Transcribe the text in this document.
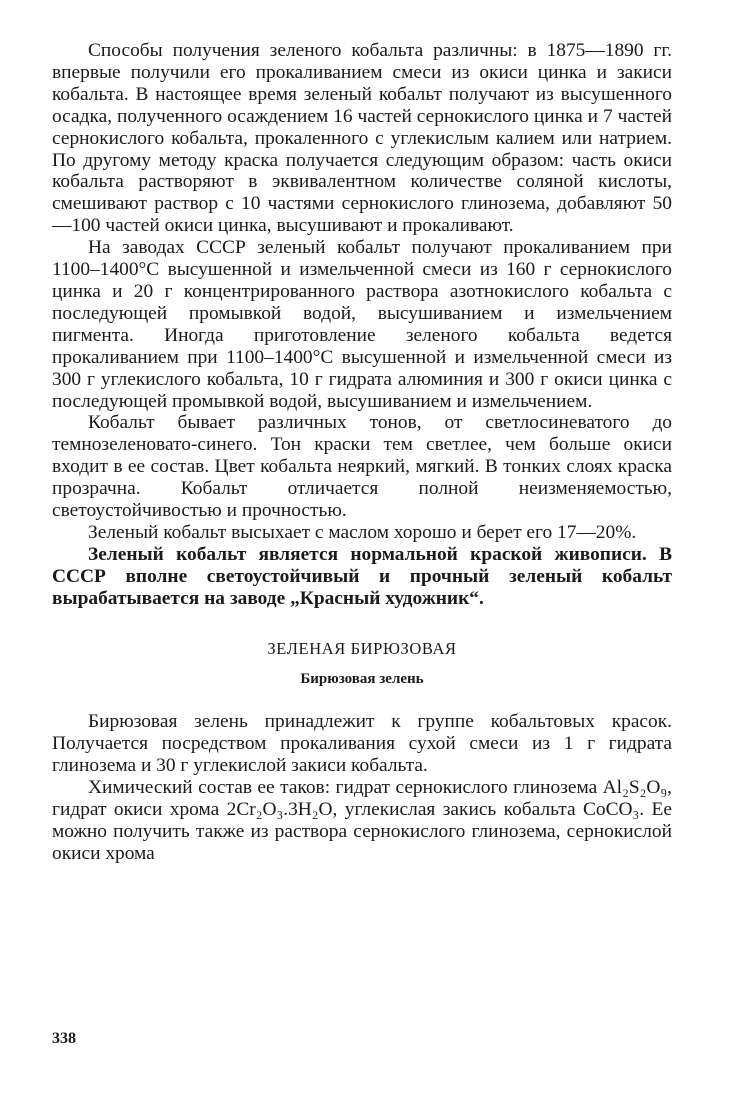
Способы получения зеленого кобальта различны: в 1875—1890 гг. впервые получили его прокаливанием смеси из окиси цинка и закиси кобальта. В настоящее время зеленый кобальт получают из высушенного осадка, полученного осаждением 16 частей сернокислого цинка и 7 частей сернокислого кобальта, прокаленного с углекислым калием или натрием. По другому методу краска получается следующим образом: часть окиси кобальта растворяют в эквивалентном количестве соляной кислоты, смешивают раствор с 10 частями сернокислого глинозема, добавляют 50—100 частей окиси цинка, высушивают и прокаливают.

На заводах СССР зеленый кобальт получают прокаливанием при 1100–1400°С высушенной и измельченной смеси из 160 г сернокислого цинка и 20 г концентрированного раствора азотнокислого кобальта с последующей промывкой водой, высушиванием и измельчением пигмента. Иногда приготовление зеленого кобальта ведется прокаливанием при 1100–1400°С высушенной и измельченной смеси из 300 г углекислого кобальта, 10 г гидрата алюминия и 300 г окиси цинка с последующей промывкой водой, высушиванием и измельчением.

Кобальт бывает различных тонов, от светлосиневатого до темнозеленовато-синего. Тон краски тем светлее, чем больше окиси входит в ее состав. Цвет кобальта неяркий, мягкий. В тонких слоях краска прозрачна. Кобальт отличается полной неизменяемостью, светоустойчивостью и прочностью.

Зеленый кобальт высыхает с маслом хорошо и берет его 17—20%.

Зеленый кобальт является нормальной краской живописи. В СССР вполне светоустойчивый и прочный зеленый кобальт вырабатывается на заводе „Красный художник“.

ЗЕЛЕНАЯ БИРЮЗОВАЯ
Бирюзовая зелень

Бирюзовая зелень принадлежит к группе кобальтовых красок. Получается посредством прокаливания сухой смеси из 1 г гидрата глинозема и 30 г углекислой закиси кобальта.

Химический состав ее таков: гидрат сернокислого глинозема Al₂S₂O₉, гидрат окиси хрома 2Cr₂O₃.3H₂O, углекислая закись кобальта CoCO₃. Ее можно получить также из раствора сернокислого глинозема, сернокислой окиси хрома

338
